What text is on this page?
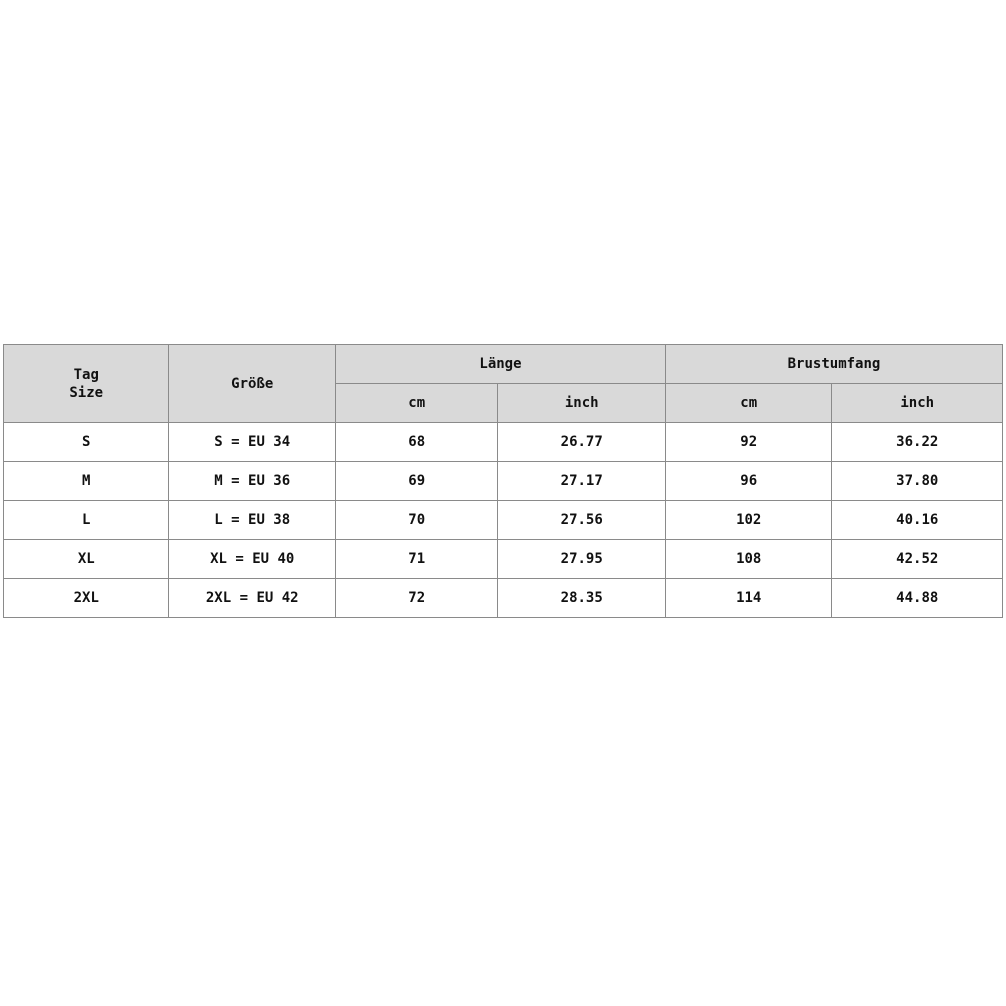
Tag
Size	Größe	Länge		Brustumfang	
		cm	inch	cm	inch
S	S = EU 34	68	26.77	92	36.22
M	M = EU 36	69	27.17	96	37.80
L	L = EU 38	70	27.56	102	40.16
XL	XL = EU 40	71	27.95	108	42.52
2XL	2XL = EU 42	72	28.35	114	44.88
